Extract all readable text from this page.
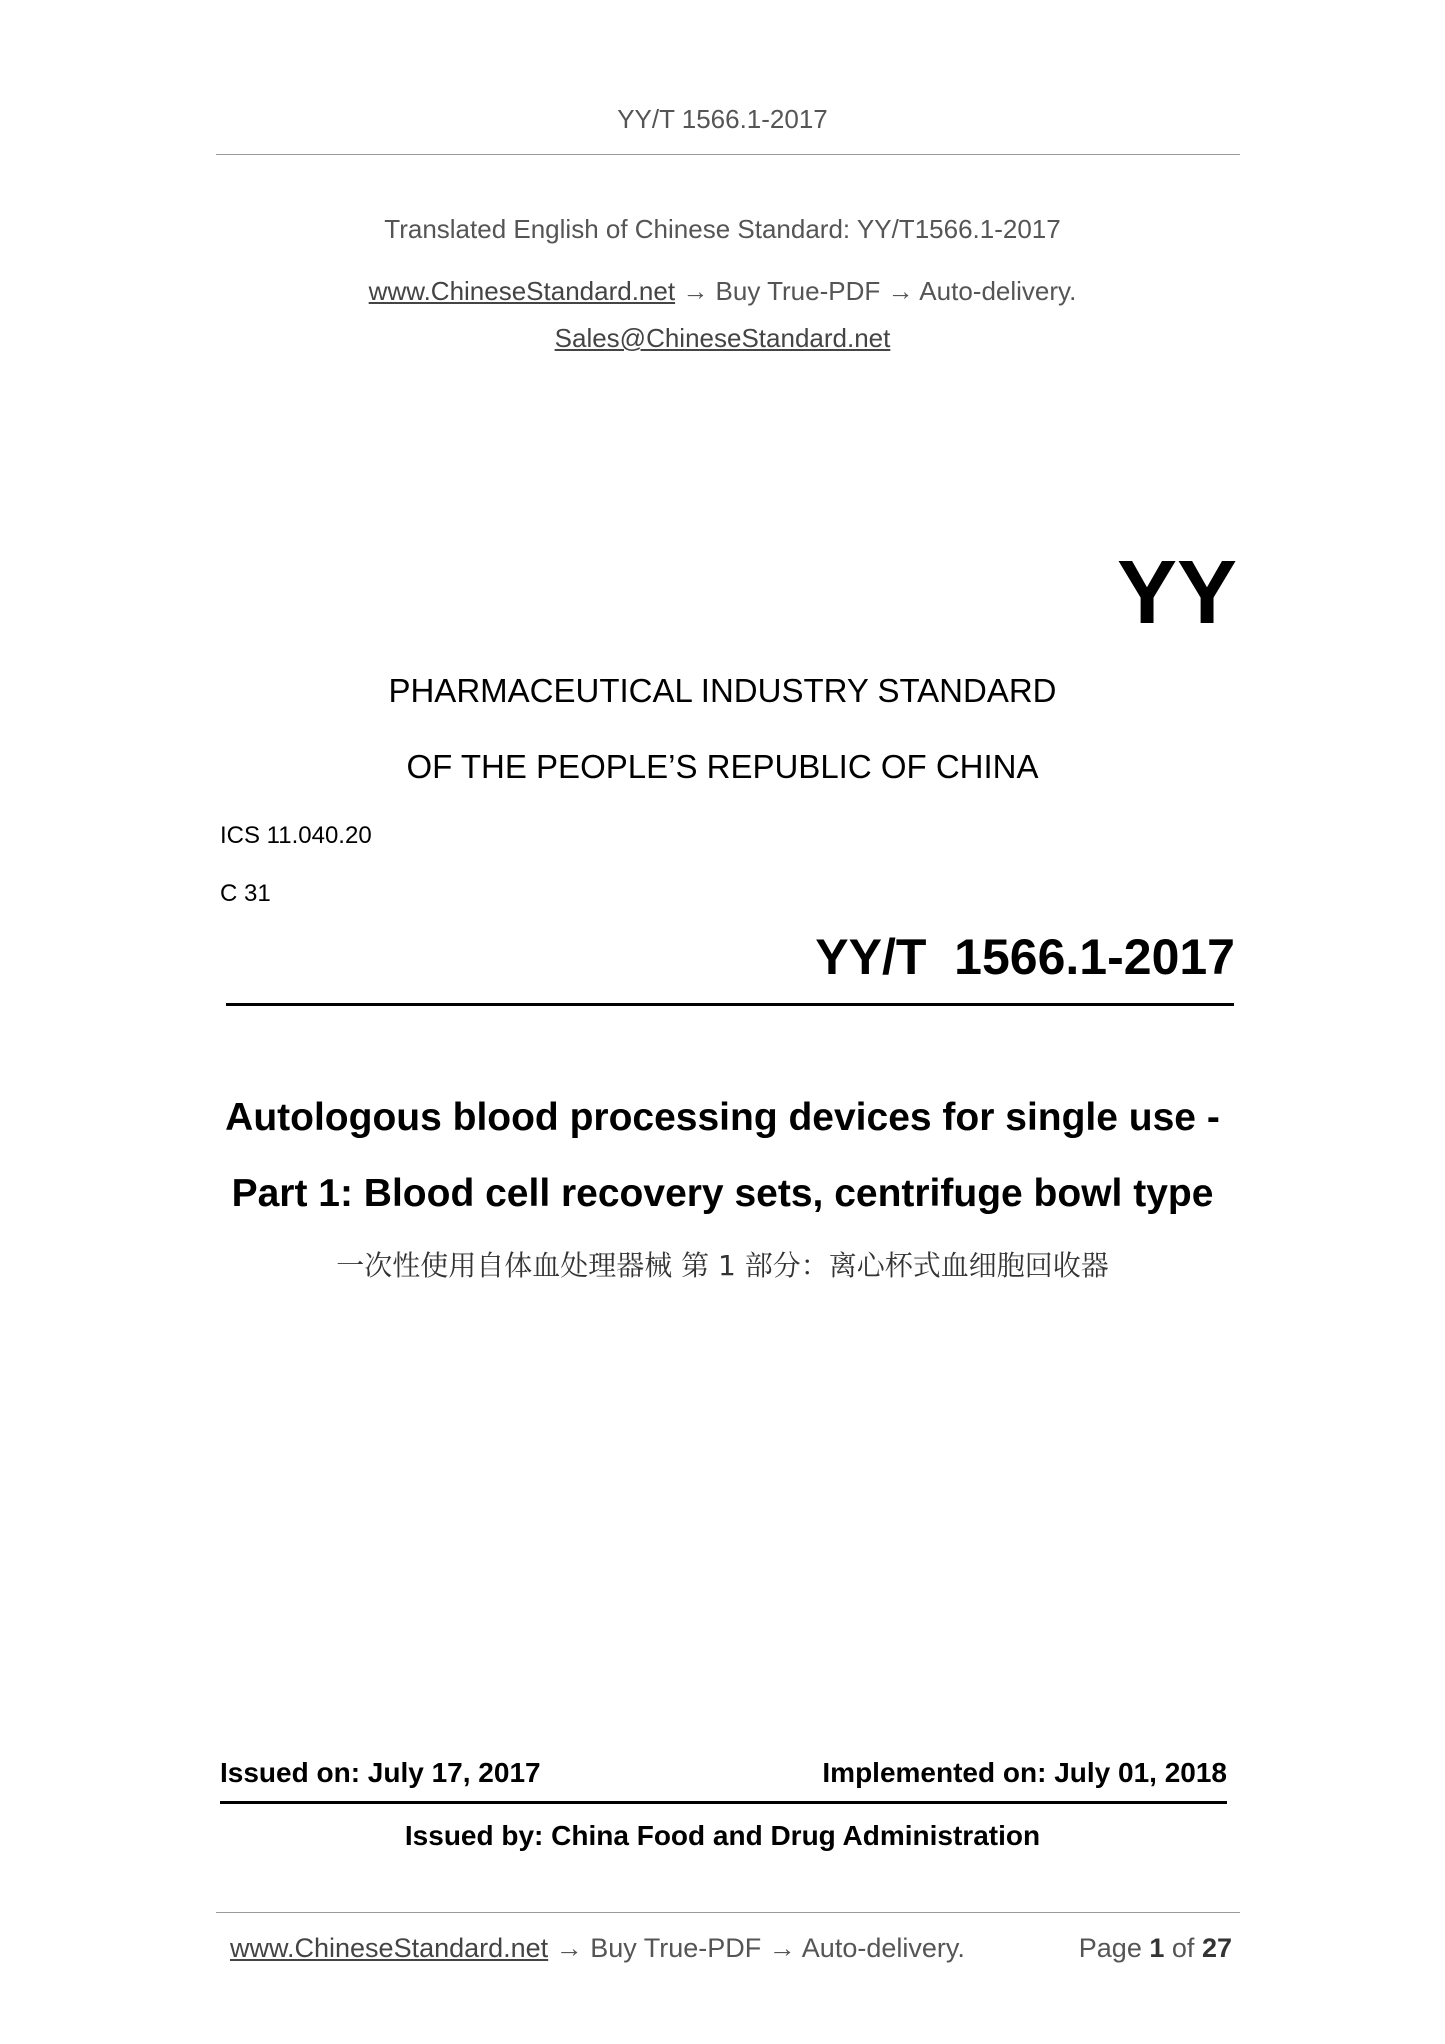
YY/T 1566.1-2017
Translated English of Chinese Standard: YY/T1566.1-2017
www.ChineseStandard.net → Buy True-PDF → Auto-delivery.
Sales@ChineseStandard.net
YY
PHARMACEUTICAL INDUSTRY STANDARD
OF THE PEOPLE’S REPUBLIC OF CHINA
ICS 11.040.20
C 31
YY/T  1566.1-2017
Autologous blood processing devices for single use -
Part 1: Blood cell recovery sets, centrifuge bowl type
一次性使用自体血处理器械 第 1 部分：离心杯式血细胞回收器
Issued on: July 17, 2017	Implemented on: July 01, 2018
Issued by: China Food and Drug Administration
www.ChineseStandard.net → Buy True-PDF → Auto-delivery.	Page 1 of 27
